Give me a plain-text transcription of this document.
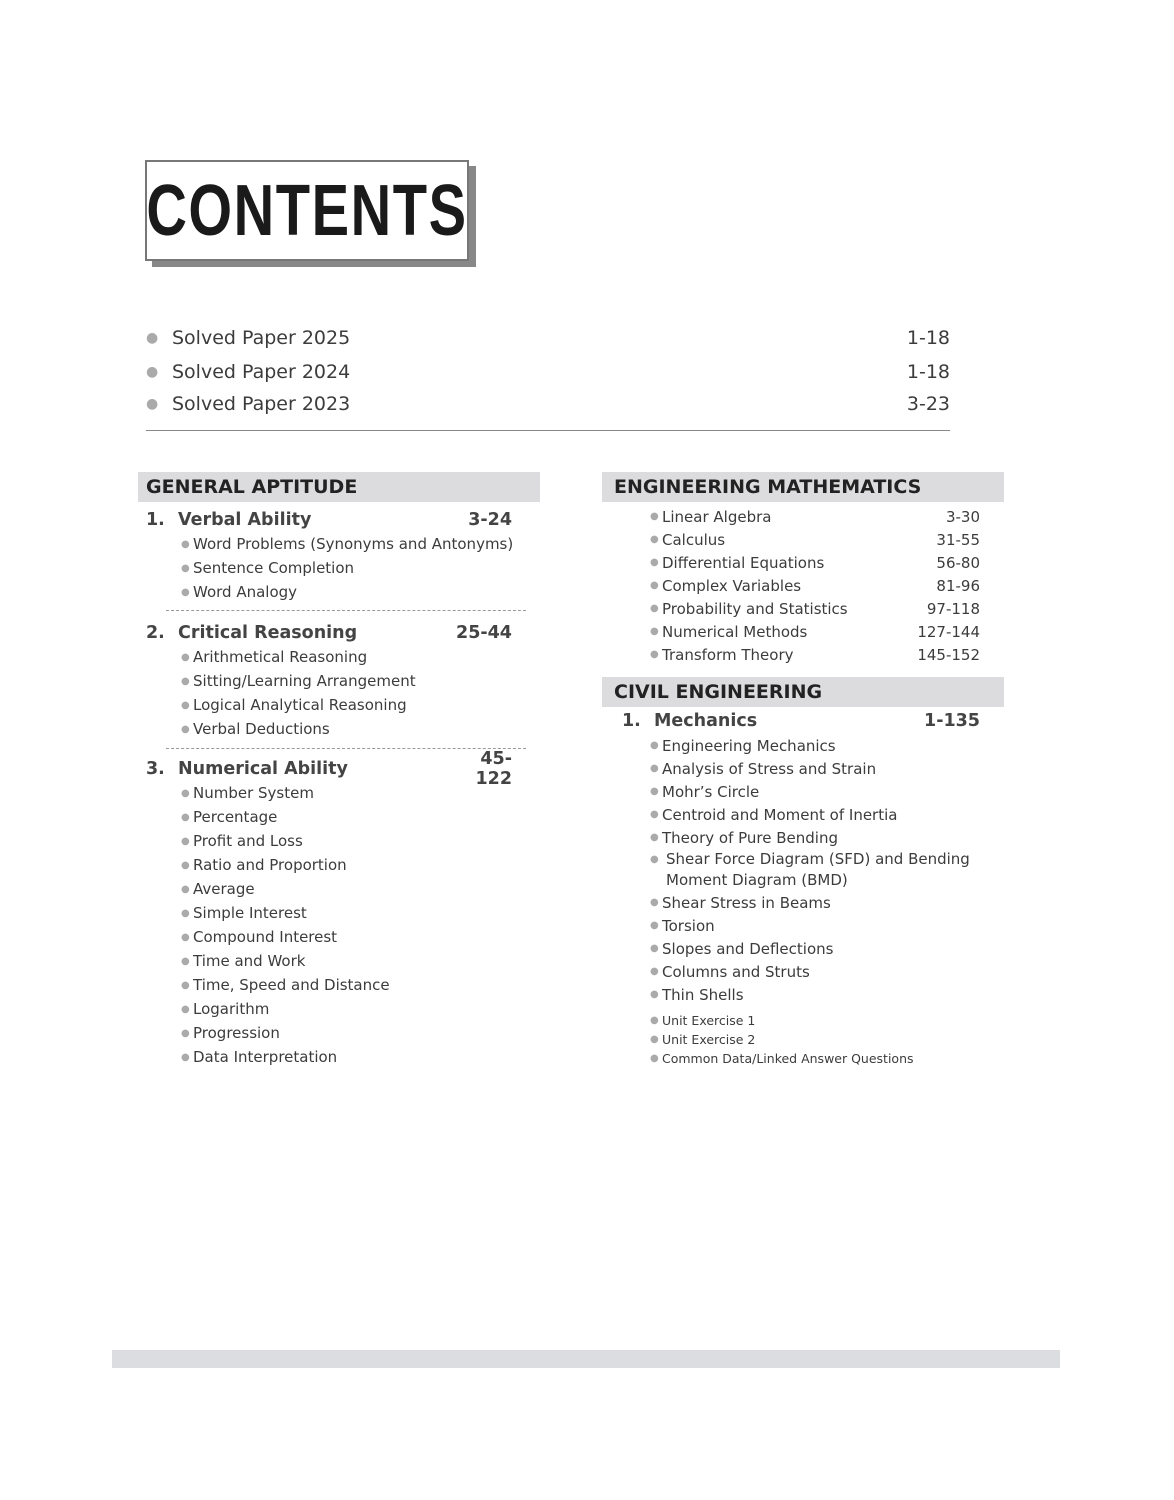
CONTENTS
● Solved Paper 2025	1-18
● Solved Paper 2024	1-18
● Solved Paper 2023	3-23
GENERAL APTITUDE
1. Verbal Ability	3-24
● Word Problems (Synonyms and Antonyms)
● Sentence Completion
● Word Analogy
2. Critical Reasoning	25-44
● Arithmetical Reasoning
● Sitting/Learning Arrangement
● Logical Analytical Reasoning
● Verbal Deductions
3. Numerical Ability	45-122
● Number System
● Percentage
● Profit and Loss
● Ratio and Proportion
● Average
● Simple Interest
● Compound Interest
● Time and Work
● Time, Speed and Distance
● Logarithm
● Progression
● Data Interpretation
ENGINEERING MATHEMATICS
● Linear Algebra	3-30
● Calculus	31-55
● Differential Equations	56-80
● Complex Variables	81-96
● Probability and Statistics	97-118
● Numerical Methods	127-144
● Transform Theory	145-152
CIVIL ENGINEERING
1. Mechanics	1-135
● Engineering Mechanics
● Analysis of Stress and Strain
● Mohr’s Circle
● Centroid and Moment of Inertia
● Theory of Pure Bending
● Shear Force Diagram (SFD) and Bending
Moment Diagram (BMD)
● Shear Stress in Beams
● Torsion
● Slopes and Deflections
● Columns and Struts
● Thin Shells
● Unit Exercise 1
● Unit Exercise 2
● Common Data/Linked Answer Questions
